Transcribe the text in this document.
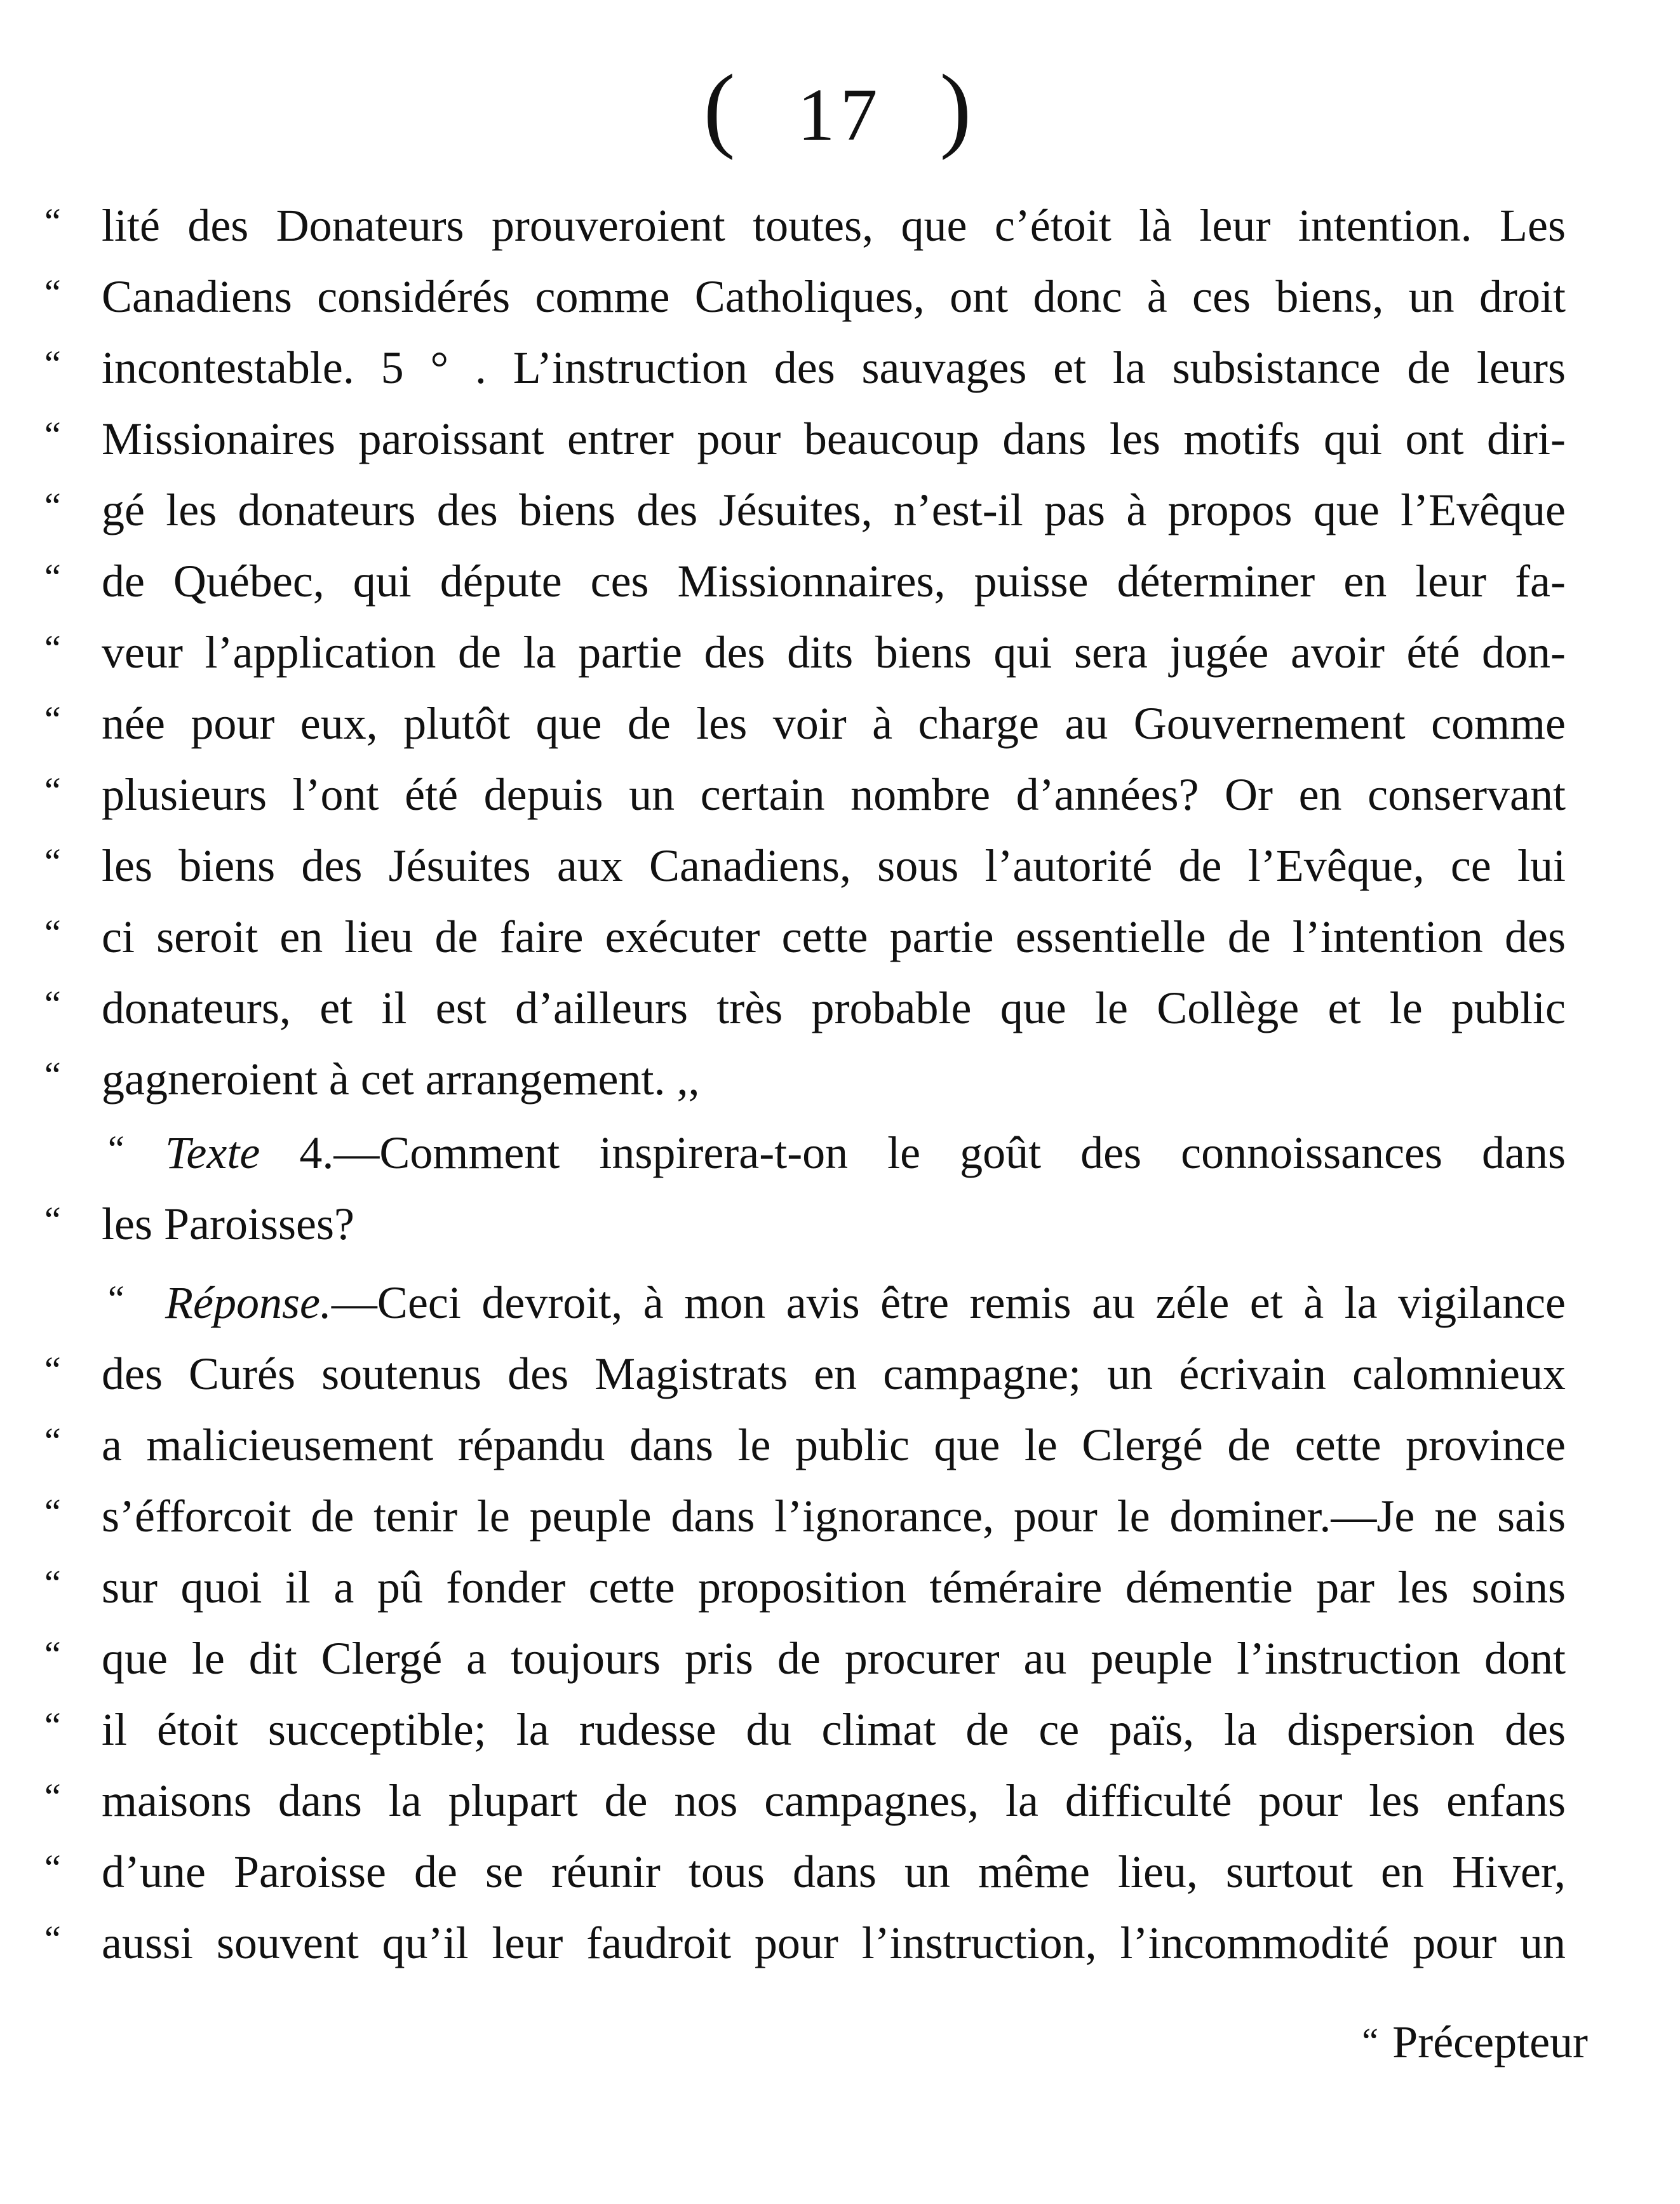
( 17 )
“ lité des Donateurs prouveroient toutes, que c’étoit là leur intention. Les
“ Canadiens considérés comme Catholiques, ont donc à ces biens, un droit
“ incontestable. 5 ° . L’instruction des sauvages et la subsistance de leurs
“ Missionaires paroissant entrer pour beaucoup dans les motifs qui ont diri-
“ gé les donateurs des biens des Jésuites, n’est-il pas à propos que l’Evêque
“ de Québec, qui députe ces Missionnaires, puisse déterminer en leur fa-
“ veur l’application de la partie des dits biens qui sera jugée avoir été don-
“ née pour eux, plutôt que de les voir à charge au Gouvernement comme
“ plusieurs l’ont été depuis un certain nombre d’années? Or en conservant
“ les biens des Jésuites aux Canadiens, sous l’autorité de l’Evêque, ce lui
“ ci seroit en lieu de faire exécuter cette partie essentielle de l’intention des
“ donateurs, et il est d’ailleurs très probable que le Collège et le public
“ gagneroient à cet arrangement. ,,
“ Texte 4.—Comment inspirera-t-on le goût des connoissances dans
“ les Paroisses?
“ Réponse.—Ceci devroit, à mon avis être remis au zéle et à la vigilance
“ des Curés soutenus des Magistrats en campagne; un écrivain calomnieux
“ a malicieusement répandu dans le public que le Clergé de cette province
“ s’éfforcoit de tenir le peuple dans l’ignorance, pour le dominer.—Je ne sais
“ sur quoi il a pû fonder cette proposition téméraire démentie par les soins
“ que le dit Clergé a toujours pris de procurer au peuple l’instruction dont
“ il étoit succeptible; la rudesse du climat de ce païs, la dispersion des
“ maisons dans la plupart de nos campagnes, la difficulté pour les enfans
“ d’une Paroisse de se réunir tous dans un même lieu, surtout en Hiver,
“ aussi souvent qu’il leur faudroit pour l’instruction, l’incommodité pour un
“ Précepteur
